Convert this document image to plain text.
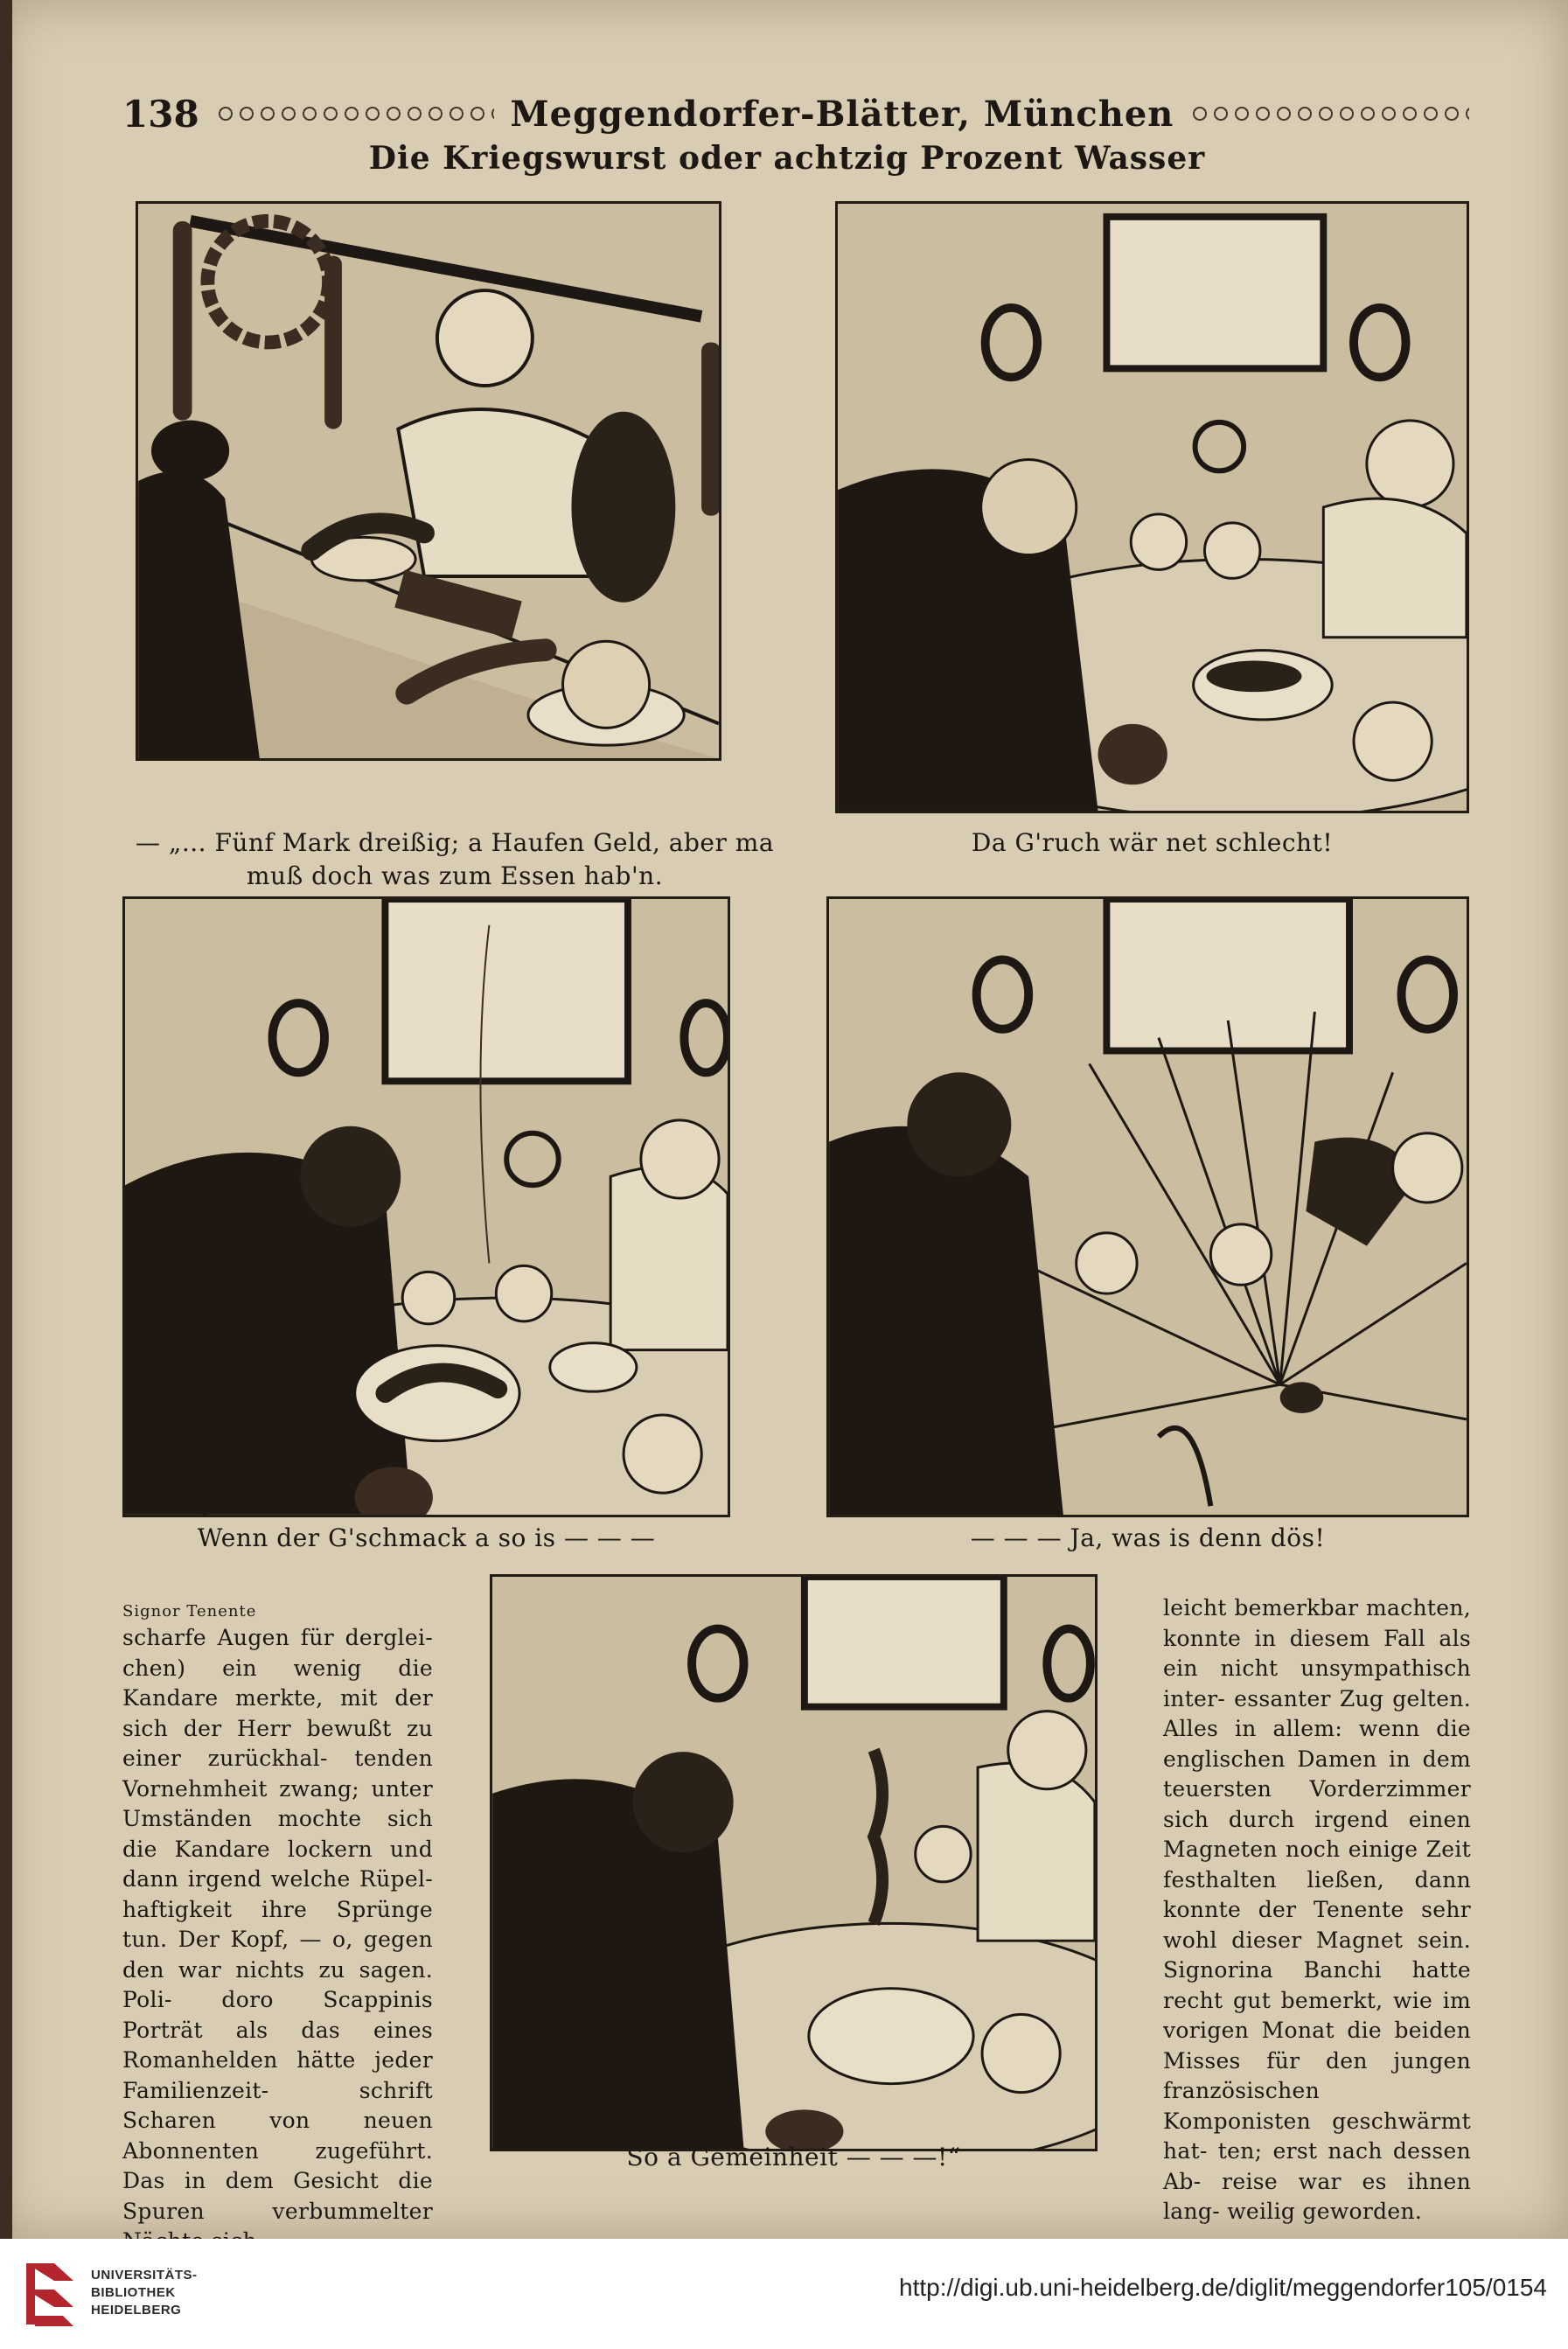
138	Meggendorfer-Blätter, München
Die Kriegswurst oder achtzig Prozent Wasser
— „... Fünf Mark dreißig; a Haufen Geld, aber ma muß doch was zum Essen hab'n.
Da G'ruch wär net schlecht!
Wenn der G'schmack a so is — — —	— — — Ja, was is denn dös!
Signor Tenente

scharfe Augen für derglei- chen) ein wenig die Kandare merkte, mit der sich der Herr bewußt zu einer zurückhal- tenden Vornehmheit zwang; unter Umständen mochte sich die Kandare lockern und dann irgend welche Rüpel- haftigkeit ihre Sprünge tun. Der Kopf, — o, gegen den war nichts zu sagen. Poli- doro Scappinis Porträt als das eines Romanhelden hätte jeder Familienzeit- schrift Scharen von neuen Abonnenten zugeführt. Das in dem Gesicht die Spuren verbummelter

So a Gemeinheit — — —!“

leicht bemerkbar machten, konnte in diesem Fall als ein nicht unsympathisch inter- essanter Zug gelten. Alles in allem: wenn die englischen Damen in dem teuersten Vorderzimmer sich durch irgend einen Magneten noch einige Zeit festhalten ließen, dann konnte der Tenente sehr wohl dieser Magnet sein. Signorina Banchi hatte recht gut bemerkt, wie im vorigen Monat die beiden Misses für den jungen französischen Komponisten geschwärmt hat- ten; erst nach dessen Ab- reise war es ihnen lang- weilig geworden.

UNIVERSITÄTS-
BIBLIOTHEK
HEIDELBERG
http://digi.ub.uni-heidelberg.de/diglit/meggendorfer105/0154
